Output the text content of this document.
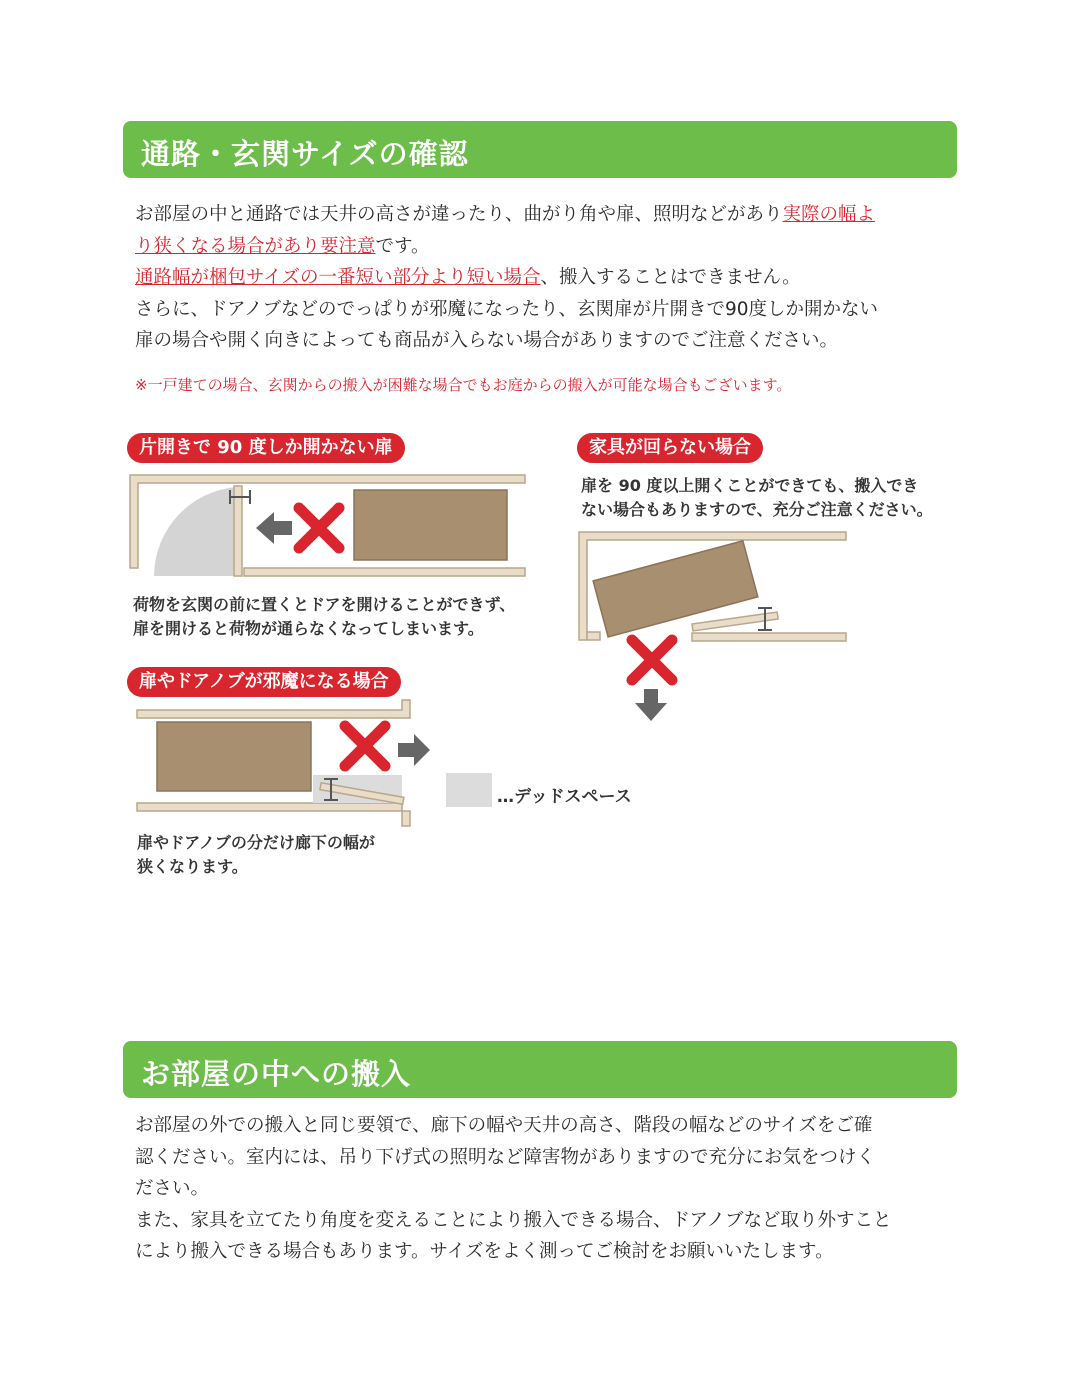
通路・玄関サイズの確認

お部屋の中と通路では天井の高さが違ったり、曲がり角や扉、照明などがあり実際の幅よ

り狭くなる場合があり要注意です。

通路幅が梱包サイズの一番短い部分より短い場合、搬入することはできません。

さらに、ドアノブなどのでっぱりが邪魔になったり、玄関扉が片開きで90度しか開かない

扉の場合や開く向きによっても商品が入らない場合がありますのでご注意ください。

※一戸建ての場合、玄関からの搬入が困難な場合でもお庭からの搬入が可能な場合もございます。
片開きで 90 度しか開かない扉	家具が回らない場合
扉やドアノブが邪魔になる場合
扉を 90 度以上開くことができても、搬入でき
ない場合もありますので、充分ご注意ください。
荷物を玄関の前に置くとドアを開けることができず、
扉を開けると荷物が通らなくなってしまいます。
扉やドアノブの分だけ廊下の幅が
狭くなります。
…デッドスペース
お部屋の中への搬入

お部屋の外での搬入と同じ要領で、廊下の幅や天井の高さ、階段の幅などのサイズをご確

認ください。室内には、吊り下げ式の照明など障害物がありますので充分にお気をつけく

ださい。

また、家具を立てたり角度を変えることにより搬入できる場合、ドアノブなど取り外すこと

により搬入できる場合もあります。サイズをよく測ってご検討をお願いいたします。
